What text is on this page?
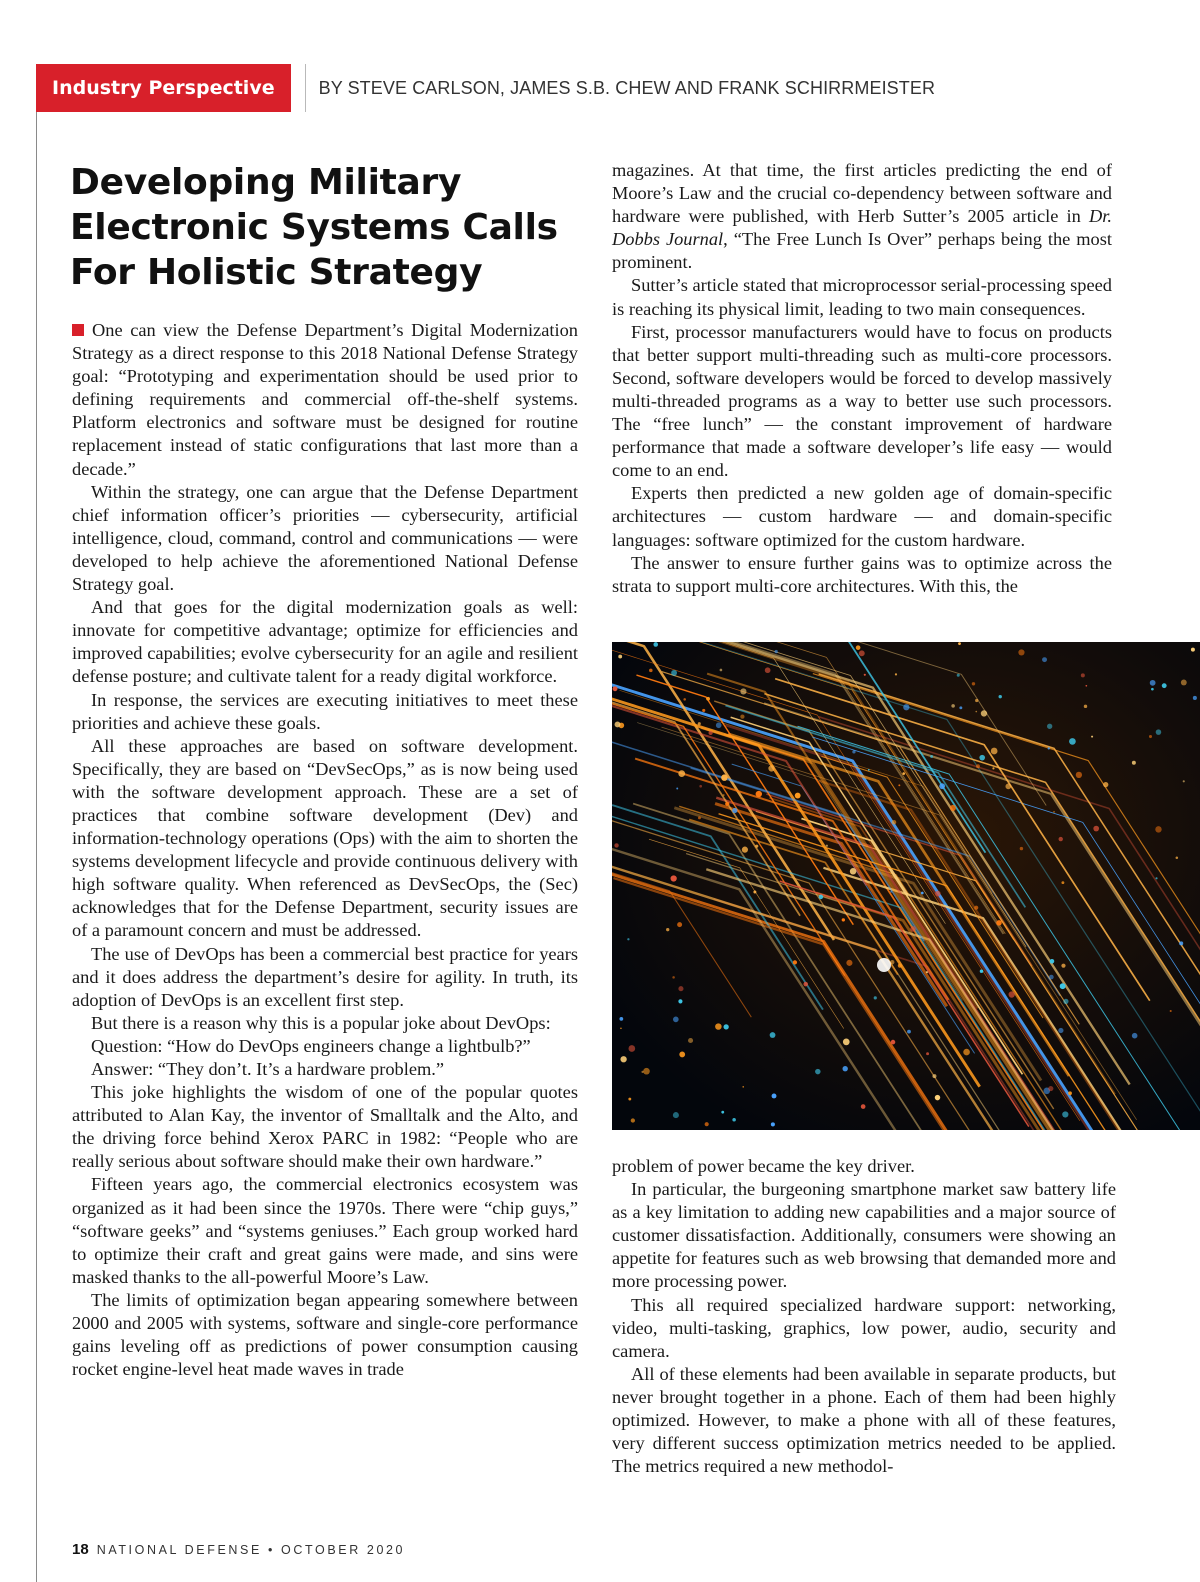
Industry Perspective	BY STEVE CARLSON, JAMES S.B. CHEW AND FRANK SCHIRRMEISTER
Developing Military Electronic Systems Calls For Holistic Strategy

One can view the Defense Department’s Digital Modernization Strategy as a direct response to this 2018 National Defense Strategy goal: “Prototyping and experimentation should be used prior to defining requirements and commercial off-the-shelf systems. Platform electronics and software must be designed for routine replacement instead of static configurations that last more than a decade.”

Within the strategy, one can argue that the Defense Department chief information officer’s priorities — cybersecurity, artificial intelligence, cloud, command, control and communications — were developed to help achieve the aforementioned National Defense Strategy goal.

And that goes for the digital modernization goals as well: innovate for competitive advantage; optimize for efficiencies and improved capabilities; evolve cybersecurity for an agile and resilient defense posture; and cultivate talent for a ready digital workforce.

In response, the services are executing initiatives to meet these priorities and achieve these goals.

All these approaches are based on software development. Specifically, they are based on “DevSecOps,” as is now being used with the software development approach. These are a set of practices that combine software development (Dev) and information-technology operations (Ops) with the aim to shorten the systems development lifecycle and provide continuous delivery with high software quality. When referenced as DevSecOps, the (Sec) acknowledges that for the Defense Department, security issues are of a paramount concern and must be addressed.

The use of DevOps has been a commercial best practice for years and it does address the department’s desire for agility. In truth, its adoption of DevOps is an excellent first step.

But there is a reason why this is a popular joke about DevOps:

Question: “How do DevOps engineers change a lightbulb?”

Answer: “They don’t. It’s a hardware problem.”

This joke highlights the wisdom of one of the popular quotes attributed to Alan Kay, the inventor of Smalltalk and the Alto, and the driving force behind Xerox PARC in 1982: “People who are really serious about software should make their own hardware.”

Fifteen years ago, the commercial electronics ecosystem was organized as it had been since the 1970s. There were “chip guys,” “software geeks” and “systems geniuses.” Each group worked hard to optimize their craft and great gains were made, and sins were masked thanks to the all-powerful Moore’s Law.

The limits of optimization began appearing somewhere between 2000 and 2005 with systems, software and single-core performance gains leveling off as predictions of power consumption causing rocket engine-level heat made waves in trade

magazines. At that time, the first articles predicting the end of Moore’s Law and the crucial co-dependency between software and hardware were published, with Herb Sutter’s 2005 article in Dr. Dobbs Journal, “The Free Lunch Is Over” perhaps being the most prominent.

Sutter’s article stated that microprocessor serial-processing speed is reaching its physical limit, leading to two main consequences.

First, processor manufacturers would have to focus on products that better support multi-threading such as multi-core processors. Second, software developers would be forced to develop massively multi-threaded programs as a way to better use such processors. The “free lunch” — the constant improvement of hardware performance that made a software developer’s life easy — would come to an end.

Experts then predicted a new golden age of domain-specific architectures — custom hardware — and domain-specific languages: software optimized for the custom hardware.

The answer to ensure further gains was to optimize across the strata to support multi-core architectures. With this, the

problem of power became the key driver.

In particular, the burgeoning smartphone market saw battery life as a key limitation to adding new capabilities and a major source of customer dissatisfaction. Additionally, consumers were showing an appetite for features such as web browsing that demanded more and more processing power.

This all required specialized hardware support: networking, video, multi-tasking, graphics, low power, audio, security and camera.

All of these elements had been available in separate products, but never brought together in a phone. Each of them had been highly optimized. However, to make a phone with all of these features, very different success optimization metrics needed to be applied. The metrics required a new methodol-

18 NATIONAL DEFENSE • OCTOBER 2020
